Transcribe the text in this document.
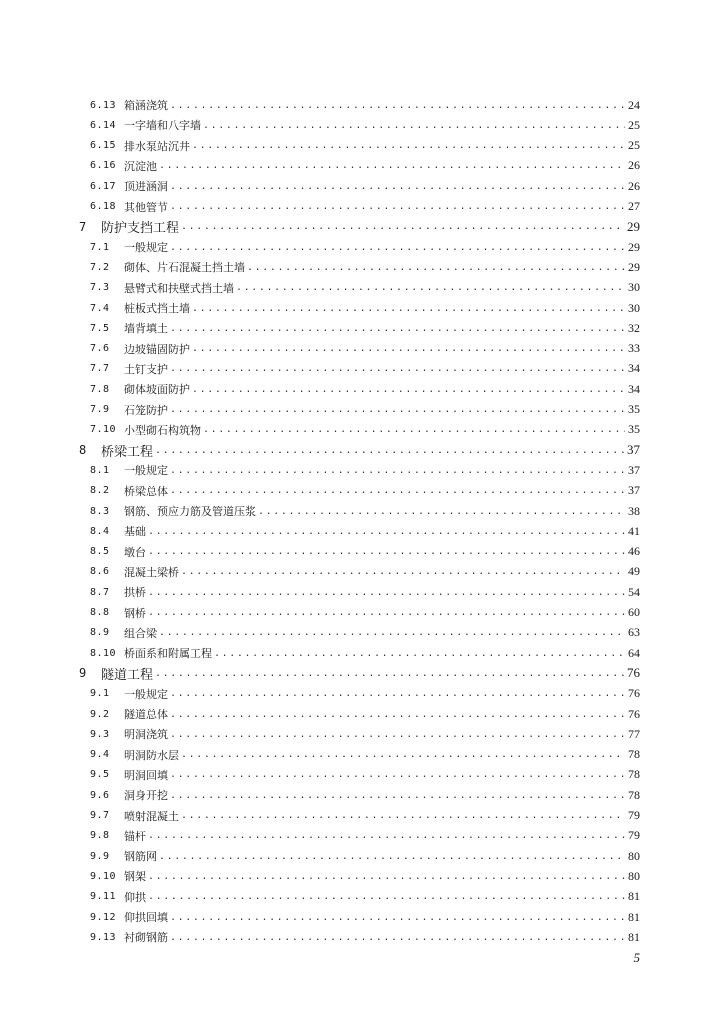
6.13 箱涵浇筑 .....	24
6.14 一字墙和八字墙 .....	25
6.15 排水泵站沉井 .....	25
6.16 沉淀池 .....	26
6.17 顶进涵洞 .....	26
6.18 其他管节 .....	27
7	防护支挡工程 .....	29
7.1	一般规定 .....	29
7.2	砌体、片石混凝土挡土墙 .....	29
7.3	悬臂式和扶壁式挡土墙 .....	30
7.4	桩板式挡土墙 .....	30
7.5	墙背填土 .....	32
7.6	边坡锚固防护 .....	33
7.7	土钉支护 .....	34
7.8	砌体坡面防护 .....	34
7.9	石笼防护 .....	35
7.10 小型砌石构筑物 .....	35
8	桥梁工程 .....	37
8.1	一般规定 .....	37
8.2	桥梁总体 .....	37
8.3	钢筋、预应力筋及管道压浆 .....	38
8.4	基础 .....	41
8.5	墩台 .....	46
8.6	混凝土梁桥 .....	49
8.7	拱桥 .....	54
8.8	钢桥 .....	60
8.9	组合梁 .....	63
8.10 桥面系和附属工程 .....	64
9	隧道工程 .....	76
9.1	一般规定 .....	76
9.2	隧道总体 .....	76
9.3	明洞浇筑 .....	77
9.4	明洞防水层 .....	78
9.5	明洞回填 .....	78
9.6	洞身开挖 .....	78
9.7	喷射混凝土 .....	79
9.8	锚杆 .....	79
9.9	钢筋网 .....	80
9.10 钢架 .....	80
9.11 仰拱 .....	81
9.12 仰拱回填 .....	81
9.13 衬砌钢筋 .....	81
5
